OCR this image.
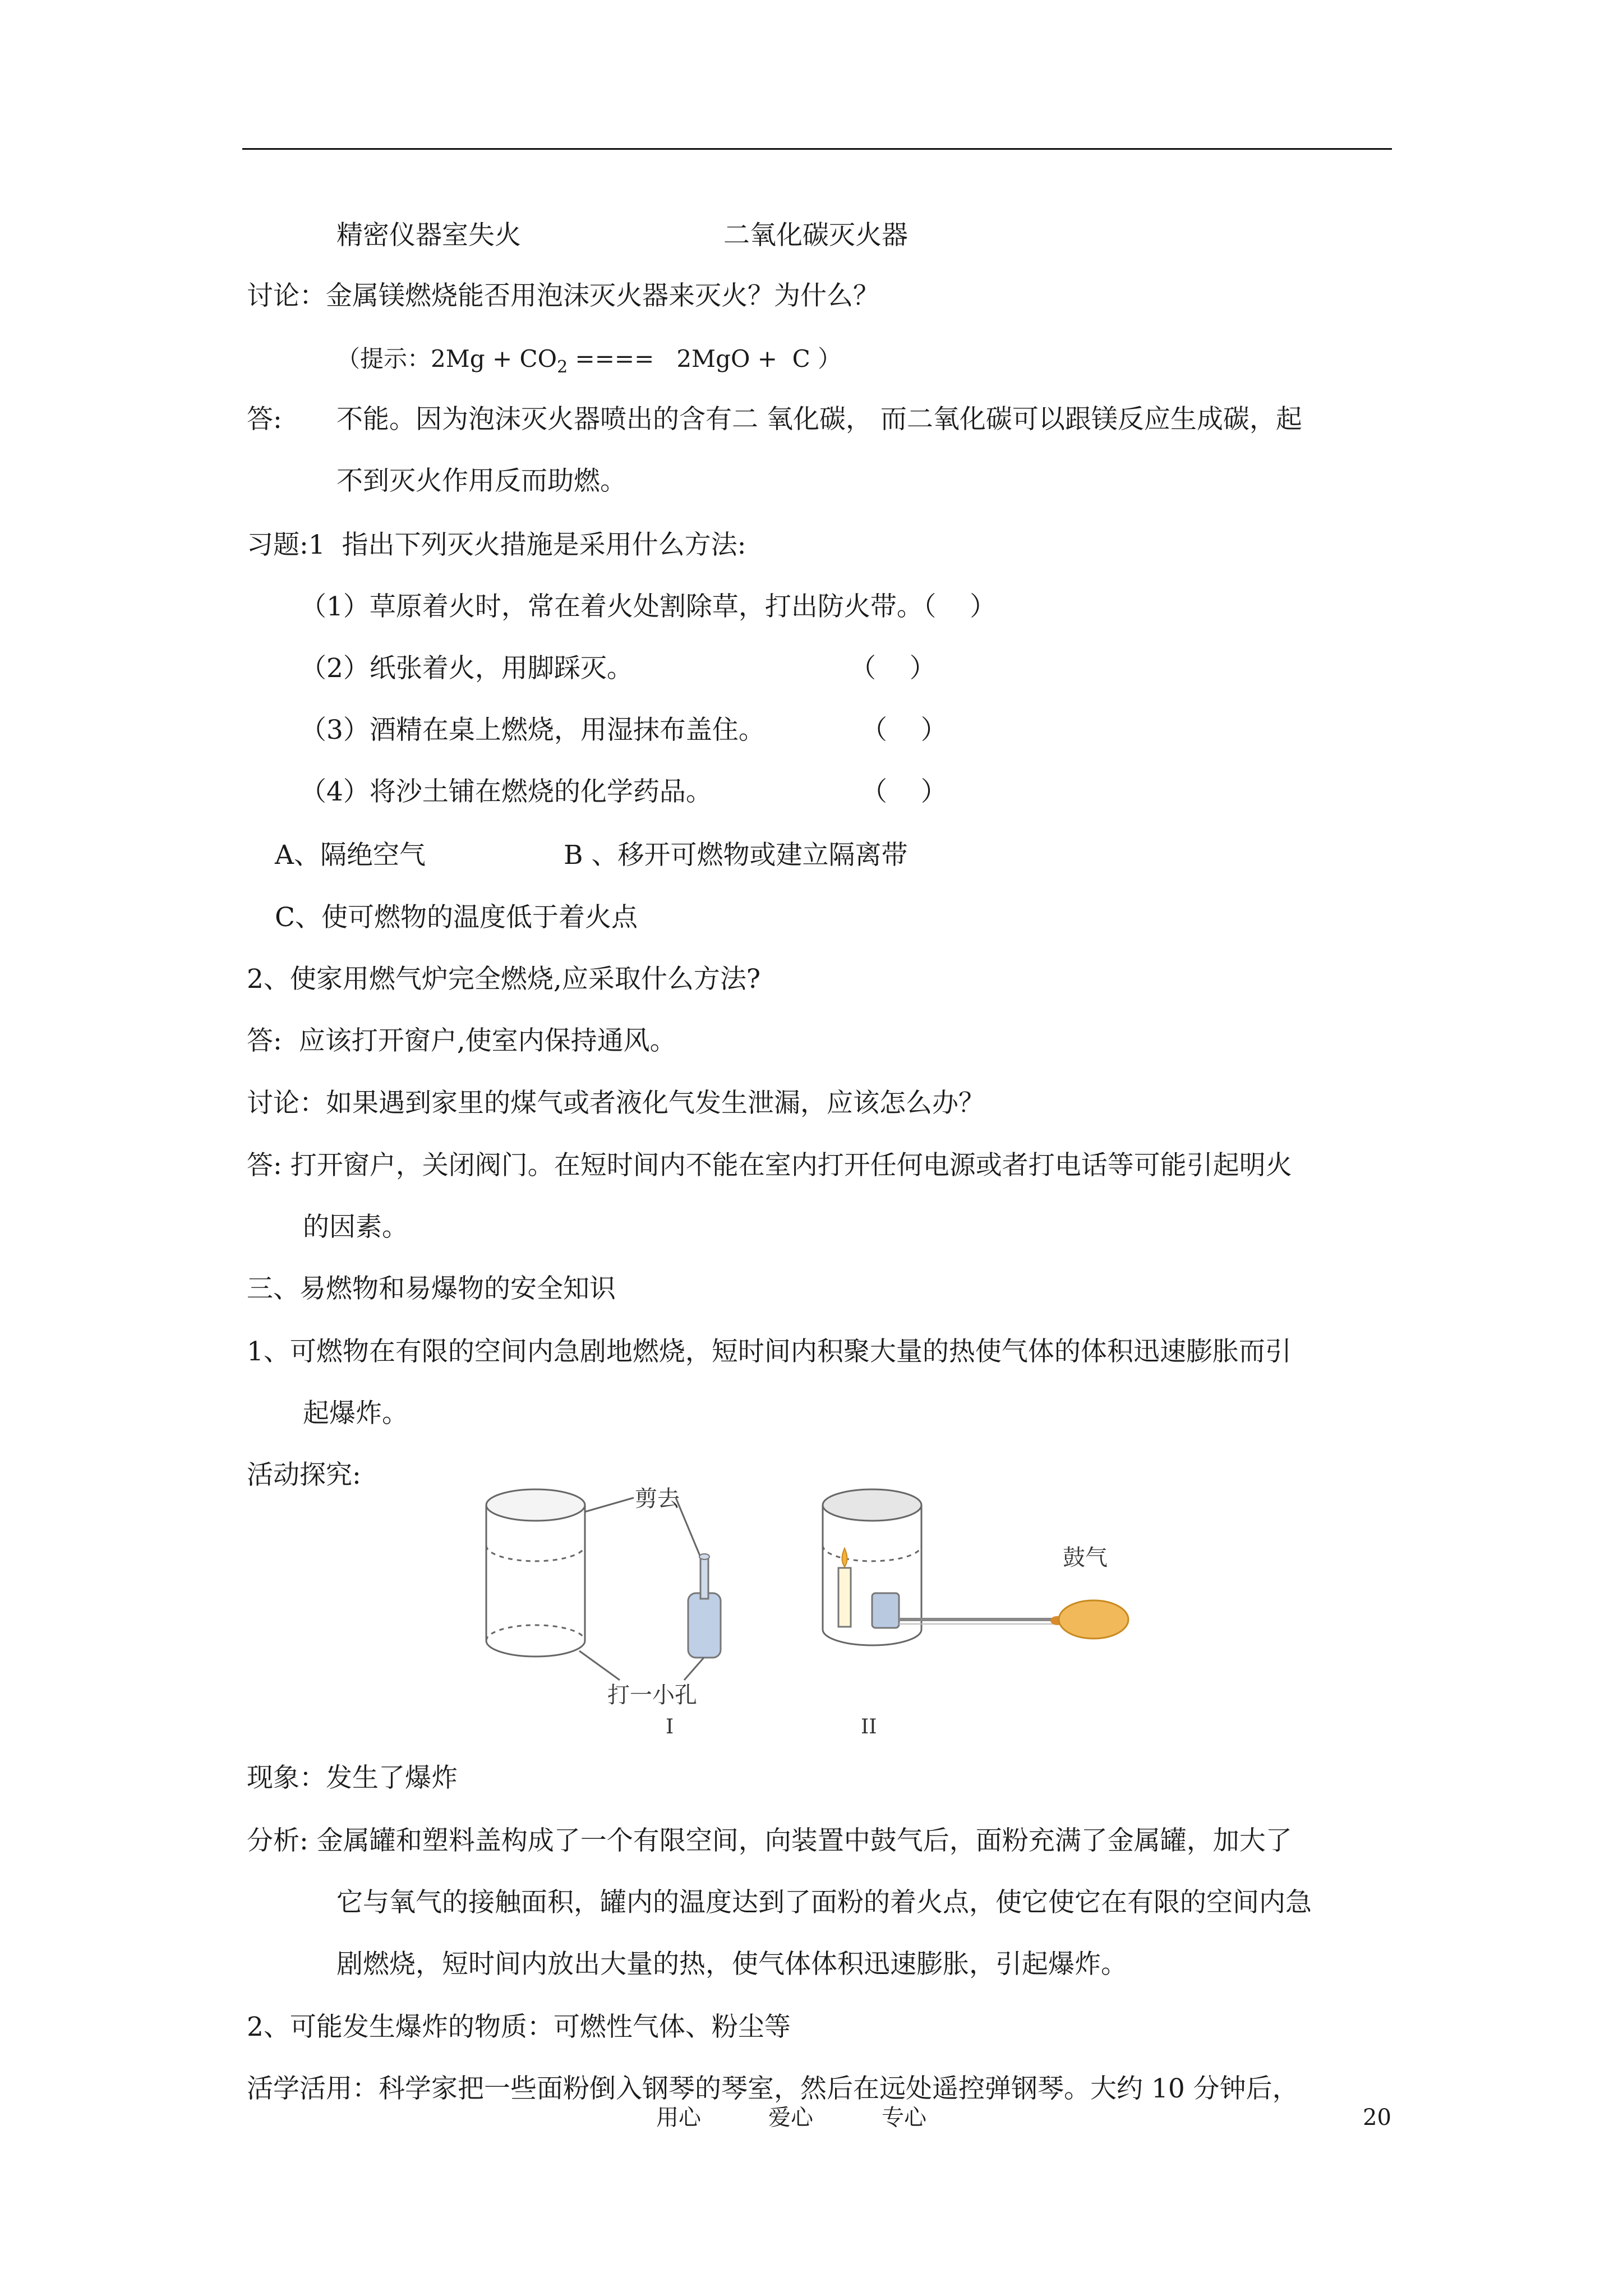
精密仪器室失火	二氧化碳灭火器
讨论：金属镁燃烧能否用泡沫灭火器来灭火？为什么？
（提示：$2Mg + CO_2$ ====   2MgO +  C ）
答: 不能。因为泡沫灭火器喷出的含有二 氧化碳， 而二氧化碳可以跟镁反应生成碳，起
不到灭火作用反而助燃。
习题:1  指出下列灭火措施是采用什么方法:
（1）草原着火时，常在着火处割除草，打出防火带。（    ）
（2）纸张着火，用脚踩灭。	（    ）
（3）酒精在桌上燃烧，用湿抹布盖住。	（    ）
（4）将沙土铺在燃烧的化学药品。	（    ）
A、隔绝空气	B 、移开可燃物或建立隔离带
C、使可燃物的温度低于着火点
2、使家用燃气炉完全燃烧,应采取什么方法?
答:  应该打开窗户,使室内保持通风。
讨论：如果遇到家里的煤气或者液化气发生泄漏，应该怎么办？
答: 打开窗户，关闭阀门。在短时间内不能在室内打开任何电源或者打电话等可能引起明火
的因素。
三、易燃物和易爆物的安全知识
1、可燃物在有限的空间内急剧地燃烧，短时间内积聚大量的热使气体的体积迅速膨胀而引
起爆炸。
活动探究:
剪去
打一小孔
I
鼓气
II
现象：发生了爆炸
分析: 金属罐和塑料盖构成了一个有限空间，向装置中鼓气后，面粉充满了金属罐，加大了
它与氧气的接触面积，罐内的温度达到了面粉的着火点，使它使它在有限的空间内急
剧燃烧，短时间内放出大量的热，使气体体积迅速膨胀，引起爆炸。
2、可能发生爆炸的物质：可燃性气体、粉尘等
活学活用：科学家把一些面粉倒入钢琴的琴室，然后在远处遥控弹钢琴。大约 10 分钟后，
用心	爱心	专心	20
